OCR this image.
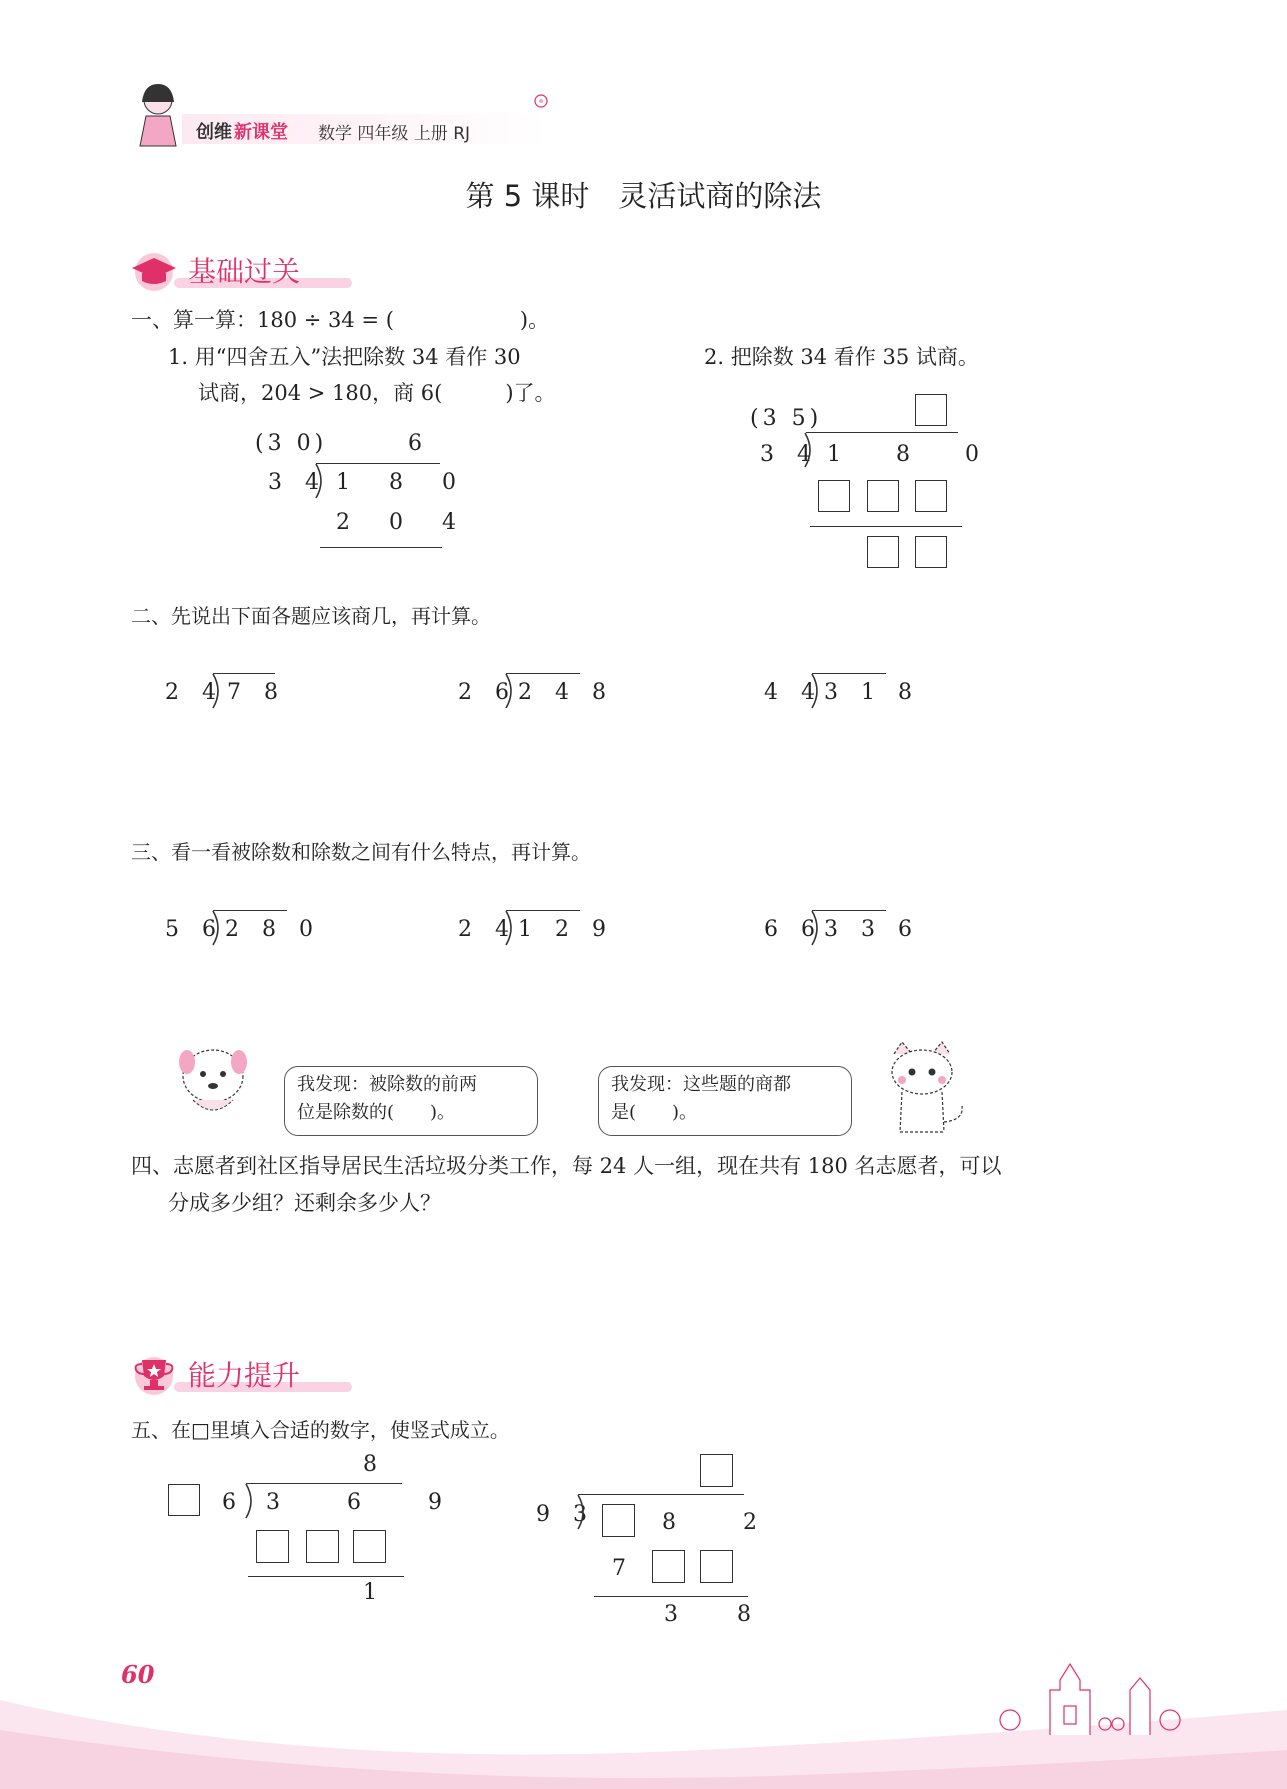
创维 新课堂 数学 四年级 上册 RJ
第 5 课时　灵活试商的除法
基础过关
一、算一算：180 ÷ 34 = (　　　　　　)。
1. 用“四舍五入”法把除数 34 看作 30
试商，204 > 180，商 6(　　　)了。
2. 把除数 34 看作 35 试商。
(3 0)	6
3 4 1 8 0
2 0 4
(3 5)
3 4 1 8 0
二、先说出下面各题应该商几，再计算。
2 4 7 8	2 6 2 4 8	4 4 3 1 8
三、看一看被除数和除数之间有什么特点，再计算。
5 6 2 8 0	2 4 1 2 9	6 6 3 3 6
我发现：被除数的前两
位是除数的(　　)。
我发现：这些题的商都
是(　　)。
四、志愿者到社区指导居民生活垃圾分类工作，每 24 人一组，现在共有 180 名志愿者，可以
分成多少组？还剩余多少人？
能力提升
五、在□里填入合适的数字，使竖式成立。
8
6 3 6 9
1
9 3	8 2
7
3 8
60
